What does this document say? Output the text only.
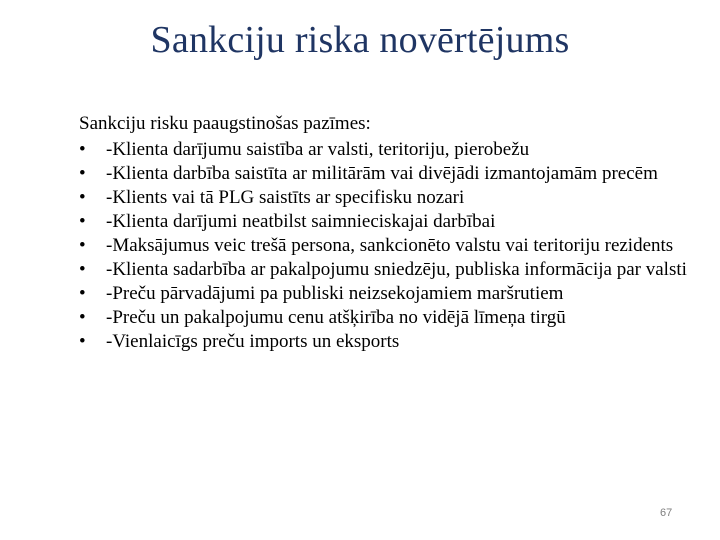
Sankciju riska novērtējums
Sankciju risku paaugstinošas pazīmes:
• -Klienta darījumu saistība ar valsti, teritoriju, pierobežu
• -Klienta darbība saistīta ar militārām vai divējādi izmantojamām precēm
• -Klients vai tā PLG saistīts ar specifisku nozari
• -Klienta darījumi neatbilst saimnieciskajai darbībai
• -Maksājumus veic trešā persona, sankcionēto valstu vai teritoriju rezidents
• -Klienta sadarbība ar pakalpojumu sniedzēju, publiska informācija par valsti
• -Preču pārvadājumi pa publiski neizsekojamiem maršrutiem
• -Preču un pakalpojumu cenu atšķirība no vidējā līmeņa tirgū
• -Vienlaicīgs preču imports un eksports
67
